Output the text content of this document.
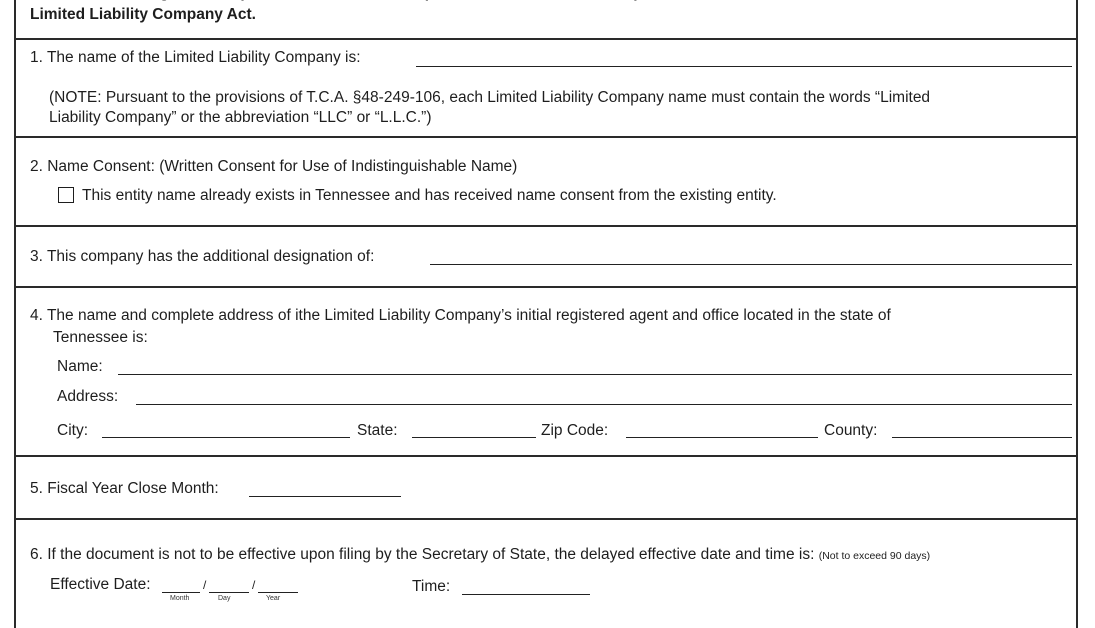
Limited Liability Company Act.
1. The name of the Limited Liability Company is:
(NOTE: Pursuant to the provisions of T.C.A. §48-249-106, each Limited Liability Company name must contain the words “Limited
Liability Company” or the abbreviation “LLC” or “L.L.C.”)
2. Name Consent: (Written Consent for Use of Indistinguishable Name)
This entity name already exists in Tennessee and has received name consent from the existing entity.
3. This company has the additional designation of:
4. The name and complete address of ithe Limited Liability Company’s initial registered agent and office located in the state of
Tennessee is:
Name:
Address:
City:	State:	Zip Code:	County:
5. Fiscal Year Close Month:
6. If the document is not to be effective upon filing by the Secretary of State, the delayed effective date and time is: (Not to exceed 90 days)
Effective Date:	/	/
Month	Day	Year
Time:
